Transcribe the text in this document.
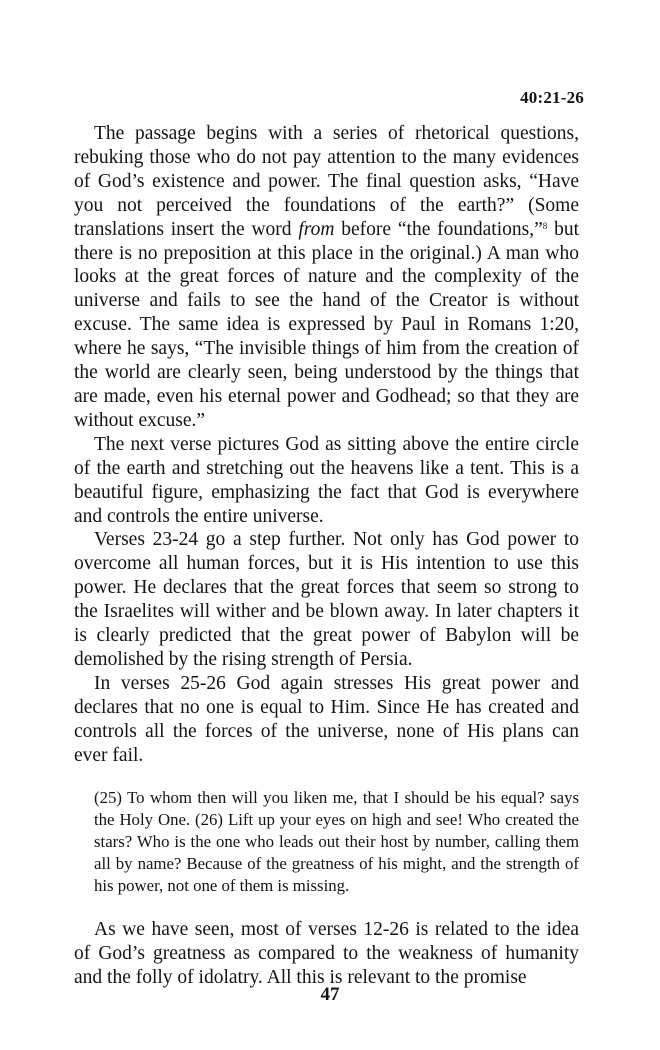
40:21-26

The passage begins with a series of rhetorical questions, rebuking those who do not pay attention to the many evidences of God’s existence and power. The final question asks, “Have you not perceived the foundations of the earth?” (Some translations insert the word from before “the foundations,”$^8$ but there is no preposition at this place in the original.) A man who looks at the great forces of nature and the complexity of the universe and fails to see the hand of the Creator is without excuse. The same idea is expressed by Paul in Romans 1:20, where he says, “The invisible things of him from the creation of the world are clearly seen, being understood by the things that are made, even his eternal power and Godhead; so that they are without excuse.”

The next verse pictures God as sitting above the entire circle of the earth and stretching out the heavens like a tent. This is a beautiful figure, emphasizing the fact that God is everywhere and controls the entire universe.

Verses 23-24 go a step further. Not only has God power to overcome all human forces, but it is His intention to use this power. He declares that the great forces that seem so strong to the Israelites will wither and be blown away. In later chapters it is clearly predicted that the great power of Babylon will be demolished by the rising strength of Persia.

In verses 25-26 God again stresses His great power and declares that no one is equal to Him. Since He has created and controls all the forces of the universe, none of His plans can ever fail.

(25) To whom then will you liken me, that I should be his equal? says the Holy One. (26) Lift up your eyes on high and see! Who created the stars? Who is the one who leads out their host by number, calling them all by name? Because of the greatness of his might, and the strength of his power, not one of them is missing.

As we have seen, most of verses 12-26 is related to the idea of God’s greatness as compared to the weakness of humanity and the folly of idolatry. All this is relevant to the promise

47
